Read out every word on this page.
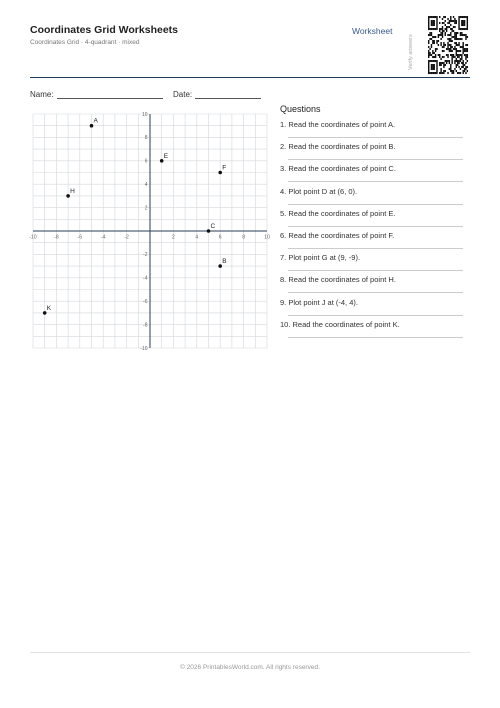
Coordinates Grid Worksheets
Coordinates Grid · 4-quadrant · mixed
Worksheet
Verify answers
Name:	Date:
-10	-8	-6	-4	-2	2	4	6	8	10
10
8
6
4
2
-2
-4
-6
-8
-10
A
E
F
H
C
B
K
Questions
1. Read the coordinates of point A.
2. Read the coordinates of point B.
3. Read the coordinates of point C.
4. Plot point D at (6, 0).
5. Read the coordinates of point E.
6. Read the coordinates of point F.
7. Plot point G at (9, -9).
8. Read the coordinates of point H.
9. Plot point J at (-4, 4).
10. Read the coordinates of point K.
© 2026 PrintablesWorld.com. All rights reserved.
